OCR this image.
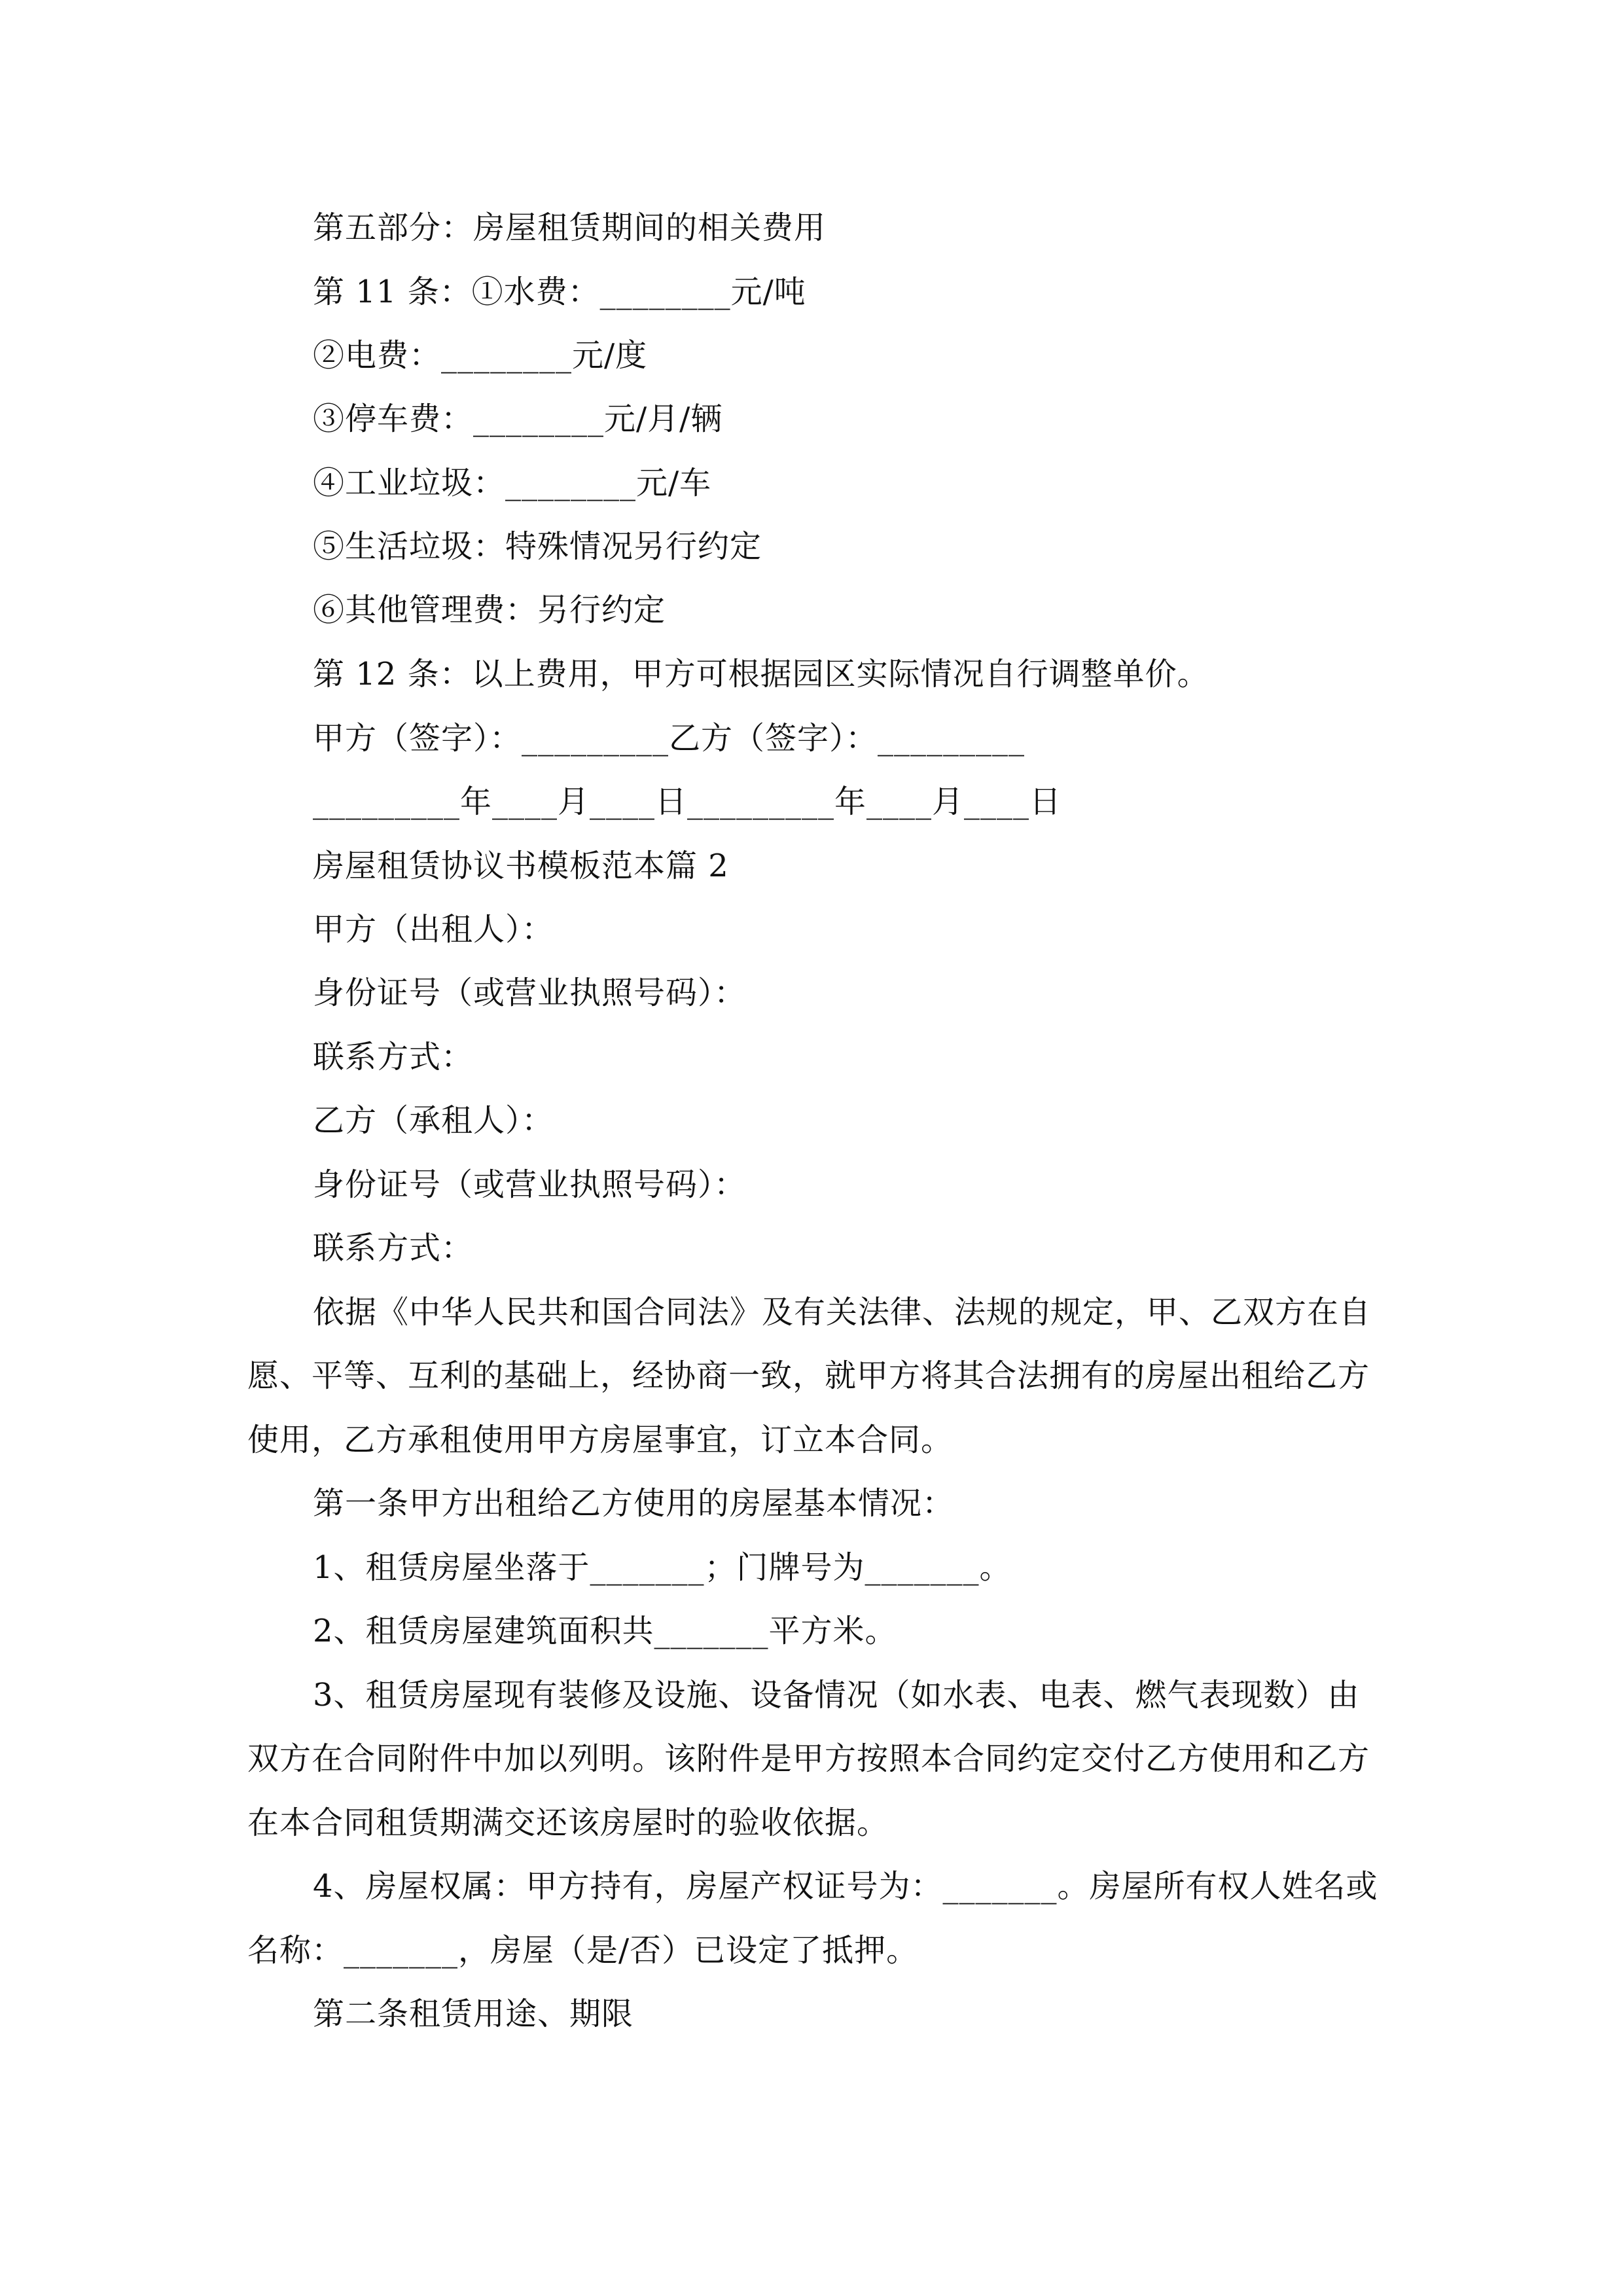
第五部分：房屋租赁期间的相关费用
第 11 条：①水费：________元/吨
②电费：________元/度
③停车费：________元/月/辆
④工业垃圾：________元/车
⑤生活垃圾：特殊情况另行约定
⑥其他管理费：另行约定
第 12 条：以上费用，甲方可根据园区实际情况自行调整单价。
甲方（签字）：_________乙方（签字）：_________
_________年____月____日_________年____月____日
房屋租赁协议书模板范本篇 2
甲方（出租人）：
身份证号（或营业执照号码）：
联系方式：
乙方（承租人）：
身份证号（或营业执照号码）：
联系方式：
依据《中华人民共和国合同法》及有关法律、法规的规定，甲、乙双方在自
愿、平等、互利的基础上，经协商一致，就甲方将其合法拥有的房屋出租给乙方
使用，乙方承租使用甲方房屋事宜，订立本合同。
第一条甲方出租给乙方使用的房屋基本情况：
1、租赁房屋坐落于_______；门牌号为_______。
2、租赁房屋建筑面积共_______平方米。
3、租赁房屋现有装修及设施、设备情况（如水表、电表、燃气表现数）由
双方在合同附件中加以列明。该附件是甲方按照本合同约定交付乙方使用和乙方
在本合同租赁期满交还该房屋时的验收依据。
4、房屋权属：甲方持有，房屋产权证号为：_______。房屋所有权人姓名或
名称：_______，房屋（是/否）已设定了抵押。
第二条租赁用途、期限
